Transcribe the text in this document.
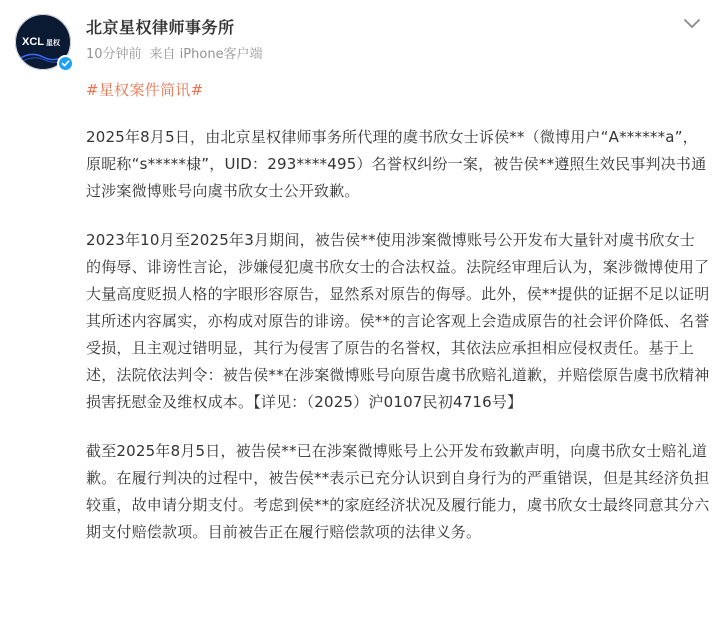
XCL 星权
北京星权律师事务所
10分钟前 来自 iPhone客户端
#星权案件简讯#

2025年8月5日，由北京星权律师事务所代理的虞书欣女士诉侯**（微博用户“A******a”，原昵称“s*****棣”，UID：293****495）名誉权纠纷一案，被告侯**遵照生效民事判决书通过涉案微博账号向虞书欣女士公开致歉。

2023年10月至2025年3月期间，被告侯**使用涉案微博账号公开发布大量针对虞书欣女士的侮辱、诽谤性言论，涉嫌侵犯虞书欣女士的合法权益。法院经审理后认为，案涉微博使用了大量高度贬损人格的字眼形容原告，显然系对原告的侮辱。此外，侯**提供的证据不足以证明其所述内容属实，亦构成对原告的诽谤。侯**的言论客观上会造成原告的社会评价降低、名誉受损，且主观过错明显，其行为侵害了原告的名誉权，其依法应承担相应侵权责任。基于上述，法院依法判令：被告侯**在涉案微博账号向原告虞书欣赔礼道歉，并赔偿原告虞书欣精神损害抚慰金及维权成本。【详见：（2025）沪0107民初4716号】

截至2025年8月5日，被告侯**已在涉案微博账号上公开发布致歉声明，向虞书欣女士赔礼道歉。在履行判决的过程中，被告侯**表示已充分认识到自身行为的严重错误，但是其经济负担较重，故申请分期支付。考虑到侯**的家庭经济状况及履行能力，虞书欣女士最终同意其分六期支付赔偿款项。目前被告正在履行赔偿款项的法律义务。
